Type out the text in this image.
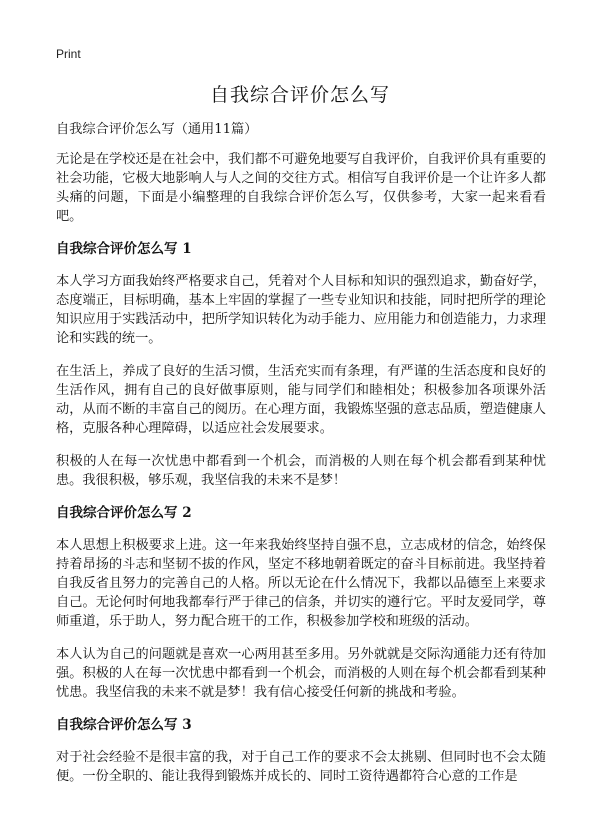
Print
自我综合评价怎么写

自我综合评价怎么写（通用11篇）

无论是在学校还是在社会中，我们都不可避免地要写自我评价，自我评价具有重要的社会功能，它极大地影响人与人之间的交往方式。相信写自我评价是一个让许多人都头痛的问题，下面是小编整理的自我综合评价怎么写，仅供参考，大家一起来看看吧。

自我综合评价怎么写 1

本人学习方面我始终严格要求自己，凭着对个人目标和知识的强烈追求，勤奋好学，态度端正，目标明确，基本上牢固的掌握了一些专业知识和技能，同时把所学的理论知识应用于实践活动中，把所学知识转化为动手能力、应用能力和创造能力，力求理论和实践的统一。

在生活上，养成了良好的生活习惯，生活充实而有条理，有严谨的生活态度和良好的生活作风，拥有自己的良好做事原则，能与同学们和睦相处；积极参加各项课外活动，从而不断的丰富自己的阅历。在心理方面，我锻炼坚强的意志品质，塑造健康人格，克服各种心理障碍，以适应社会发展要求。

积极的人在每一次忧患中都看到一个机会，而消极的人则在每个机会都看到某种忧患。我很积极，够乐观，我坚信我的未来不是梦！

自我综合评价怎么写 2

本人思想上积极要求上进。这一年来我始终坚持自强不息，立志成材的信念，始终保持着昂扬的斗志和坚韧不拔的作风，坚定不移地朝着既定的奋斗目标前进。我坚持着自我反省且努力的完善自己的人格。所以无论在什么情况下，我都以品德至上来要求自己。无论何时何地我都奉行严于律己的信条，并切实的遵行它。平时友爱同学，尊师重道，乐于助人，努力配合班干的工作，积极参加学校和班级的活动。

本人认为自己的问题就是喜欢一心两用甚至多用。另外就就是交际沟通能力还有待加强。积极的人在每一次忧患中都看到一个机会，而消极的人则在每个机会都看到某种忧患。我坚信我的未来不就是梦！我有信心接受任何新的挑战和考验。

自我综合评价怎么写 3

对于社会经验不是很丰富的我，对于自己工作的要求不会太挑剔、但同时也不会太随便。一份全职的、能让我得到锻炼并成长的、同时工资待遇都符合心意的工作是
